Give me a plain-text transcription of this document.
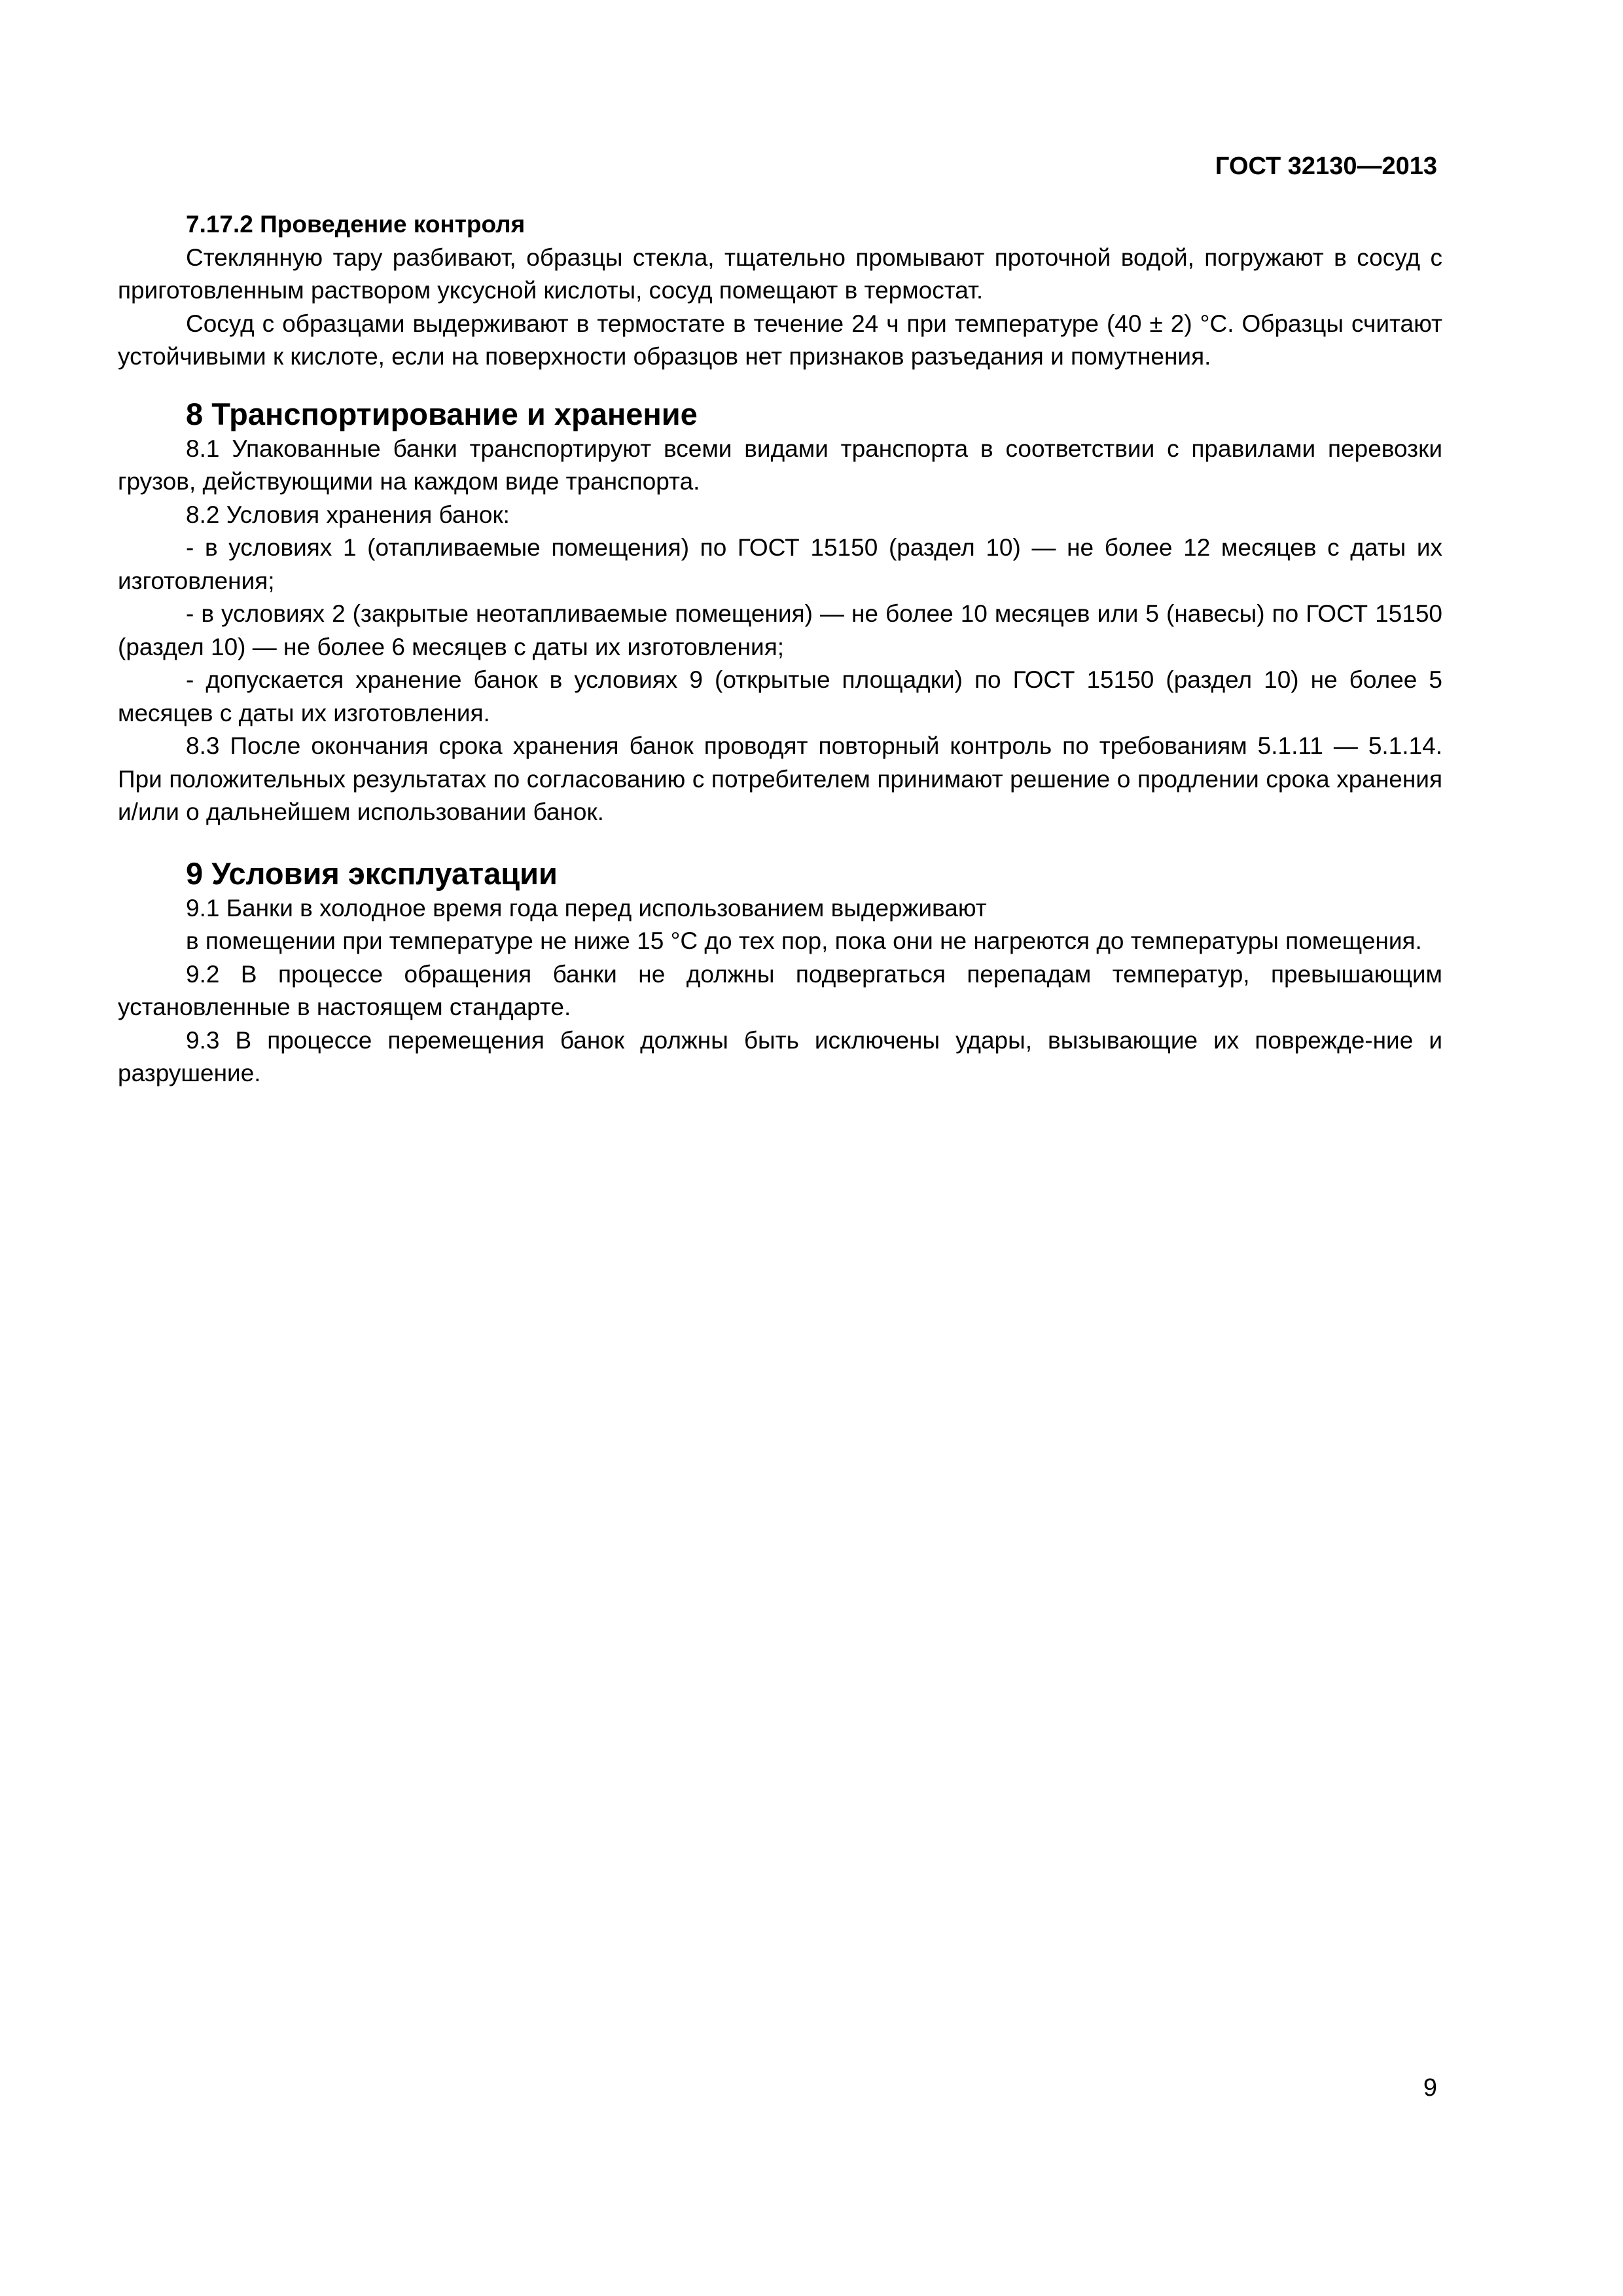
ГОСТ 32130—2013

7.17.2 Проведение контроля

Стеклянную тару разбивают, образцы стекла, тщательно промывают проточной водой, погружают в сосуд с приготовленным раствором уксусной кислоты, сосуд помещают в термостат.

Сосуд с образцами выдерживают в термостате в течение 24 ч при температуре (40 ± 2) °С. Образцы считают устойчивыми к кислоте, если на поверхности образцов нет признаков разъедания и помутнения.

8 Транспортирование и хранение

8.1 Упакованные банки транспортируют всеми видами транспорта в соответствии с правилами перевозки грузов, действующими на каждом виде транспорта.

8.2 Условия хранения банок:

- в условиях 1 (отапливаемые помещения) по ГОСТ 15150 (раздел 10) — не более 12 месяцев с даты их изготовления;

- в условиях 2 (закрытые неотапливаемые помещения) — не более 10 месяцев или 5 (навесы) по ГОСТ 15150 (раздел 10) — не более 6 месяцев с даты их изготовления;

- допускается хранение банок в условиях 9 (открытые площадки) по ГОСТ 15150 (раздел 10) не более 5 месяцев с даты их изготовления.

8.3 После окончания срока хранения банок проводят повторный контроль по требованиям 5.1.11 — 5.1.14. При положительных результатах по согласованию с потребителем принимают решение о продлении срока хранения и/или о дальнейшем использовании банок.

9 Условия эксплуатации

9.1 Банки в холодное время года перед использованием выдерживают

в помещении при температуре не ниже 15 °С до тех пор, пока они не нагреются до температуры помещения.

9.2 В процессе обращения банки не должны подвергаться перепадам температур, превышающим установленные в настоящем стандарте.

9.3 В процессе перемещения банок должны быть исключены удары, вызывающие их поврежде-ние и разрушение.

9
